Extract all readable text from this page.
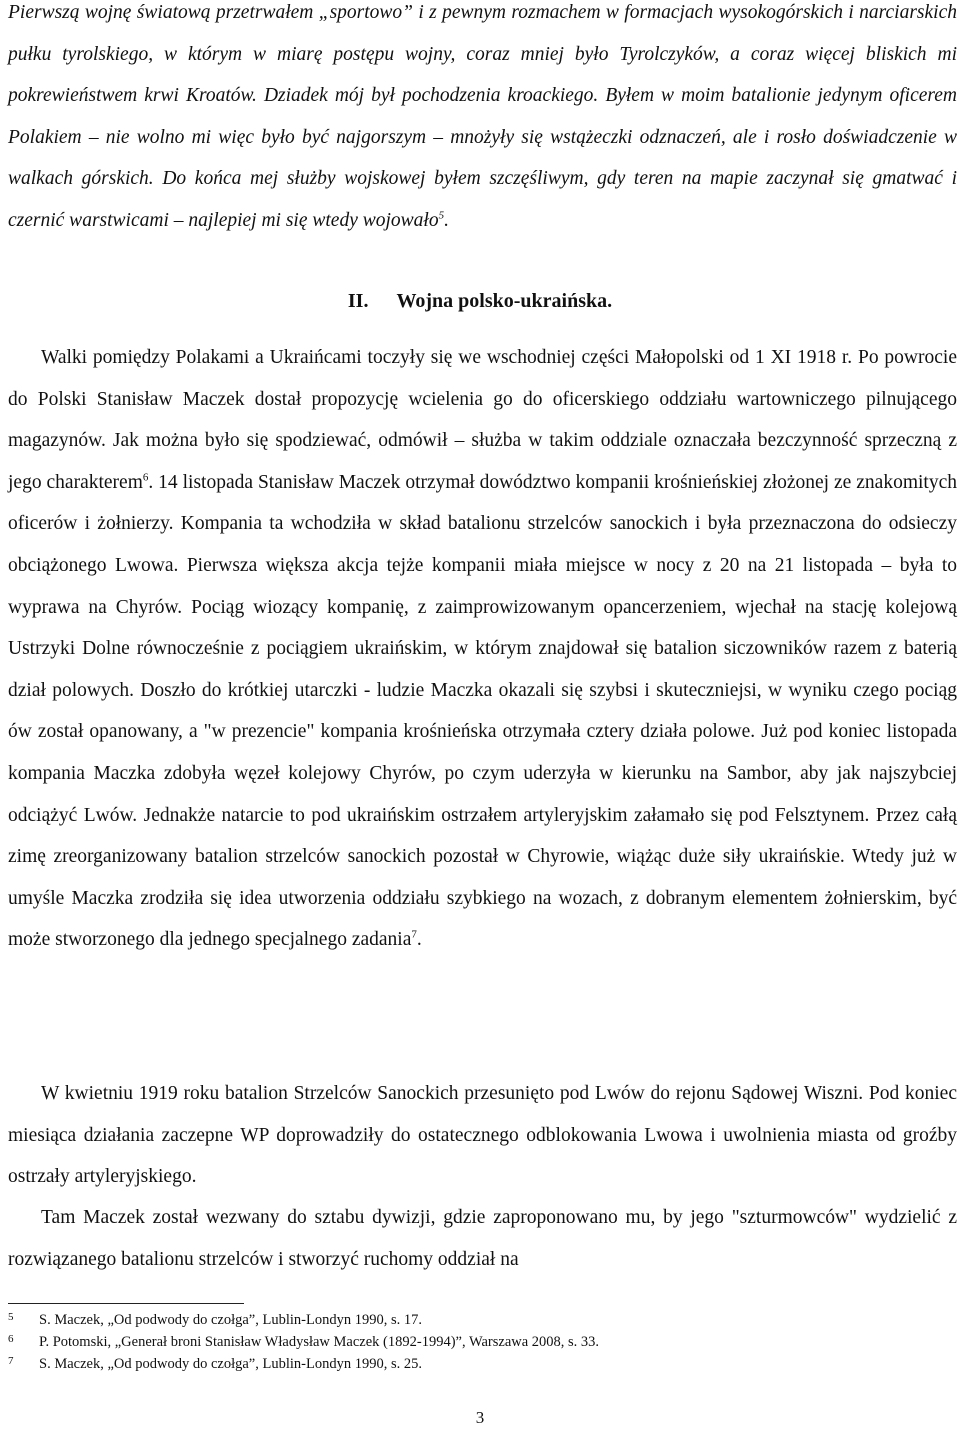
Pierwszą wojnę światową przetrwałem „sportowo” i z pewnym rozmachem w formacjach wysokogórskich i narciarskich pułku tyrolskiego, w którym w miarę postępu wojny, coraz mniej było Tyrolczyków, a coraz więcej bliskich mi pokrewieństwem krwi Kroatów. Dziadek mój był pochodzenia kroackiego. Byłem w moim batalionie jedynym oficerem Polakiem – nie wolno mi więc było być najgorszym – mnożyły się wstążeczki odznaczeń, ale i rosło doświadczenie w walkach górskich. Do końca mej służby wojskowej byłem szczęśliwym, gdy teren na mapie zaczynał się gmatwać i czernić warstwicami – najlepiej mi się wtedy wojowało$^5$.

II. Wojna polsko-ukraińska.

Walki pomiędzy Polakami a Ukraińcami toczyły się we wschodniej części Małopolski od 1 XI 1918 r. Po powrocie do Polski Stanisław Maczek dostał propozycję wcielenia go do oficerskiego oddziału wartowniczego pilnującego magazynów. Jak można było się spodziewać, odmówił – służba w takim oddziale oznaczała bezczynność sprzeczną z jego charakterem$^6$. 14 listopada Stanisław Maczek otrzymał dowództwo kompanii krośnieńskiej złożonej ze znakomitych oficerów i żołnierzy. Kompania ta wchodziła w skład batalionu strzelców sanockich i była przeznaczona do odsieczy obciążonego Lwowa. Pierwsza większa akcja tejże kompanii miała miejsce w nocy z 20 na 21 listopada – była to wyprawa na Chyrów. Pociąg wiozący kompanię, z zaimprowizowanym opancerzeniem, wjechał na stację kolejową Ustrzyki Dolne równocześnie z pociągiem ukraińskim, w którym znajdował się batalion siczowników razem z baterią dział polowych. Doszło do krótkiej utarczki - ludzie Maczka okazali się szybsi i skuteczniejsi, w wyniku czego pociąg ów został opanowany, a "w prezencie" kompania krośnieńska otrzymała cztery działa polowe. Już pod koniec listopada kompania Maczka zdobyła węzeł kolejowy Chyrów, po czym uderzyła w kierunku na Sambor, aby jak najszybciej odciążyć Lwów. Jednakże natarcie to pod ukraińskim ostrzałem artyleryjskim załamało się pod Felsztynem. Przez całą zimę zreorganizowany batalion strzelców sanockich pozostał w Chyrowie, wiążąc duże siły ukraińskie. Wtedy już w umyśle Maczka zrodziła się idea utworzenia oddziału szybkiego na wozach, z dobranym elementem żołnierskim, być może stworzonego dla jednego specjalnego zadania$^7$.

W kwietniu 1919 roku batalion Strzelców Sanockich przesunięto pod Lwów do rejonu Sądowej Wiszni. Pod koniec miesiąca działania zaczepne WP doprowadziły do ostatecznego odblokowania Lwowa i uwolnienia miasta od groźby ostrzały artyleryjskiego.

Tam Maczek został wezwany do sztabu dywizji, gdzie zaproponowano mu, by jego "szturmowców" wydzielić z rozwiązanego batalionu strzelców i stworzyć ruchomy oddział na

5	S. Maczek, „Od podwody do czołga”, Lublin-Londyn 1990, s. 17.
6	P. Potomski, „Generał broni Stanisław Władysław Maczek (1892-1994)”, Warszawa 2008, s. 33.
7	S. Maczek, „Od podwody do czołga”, Lublin-Londyn 1990, s. 25.
3
